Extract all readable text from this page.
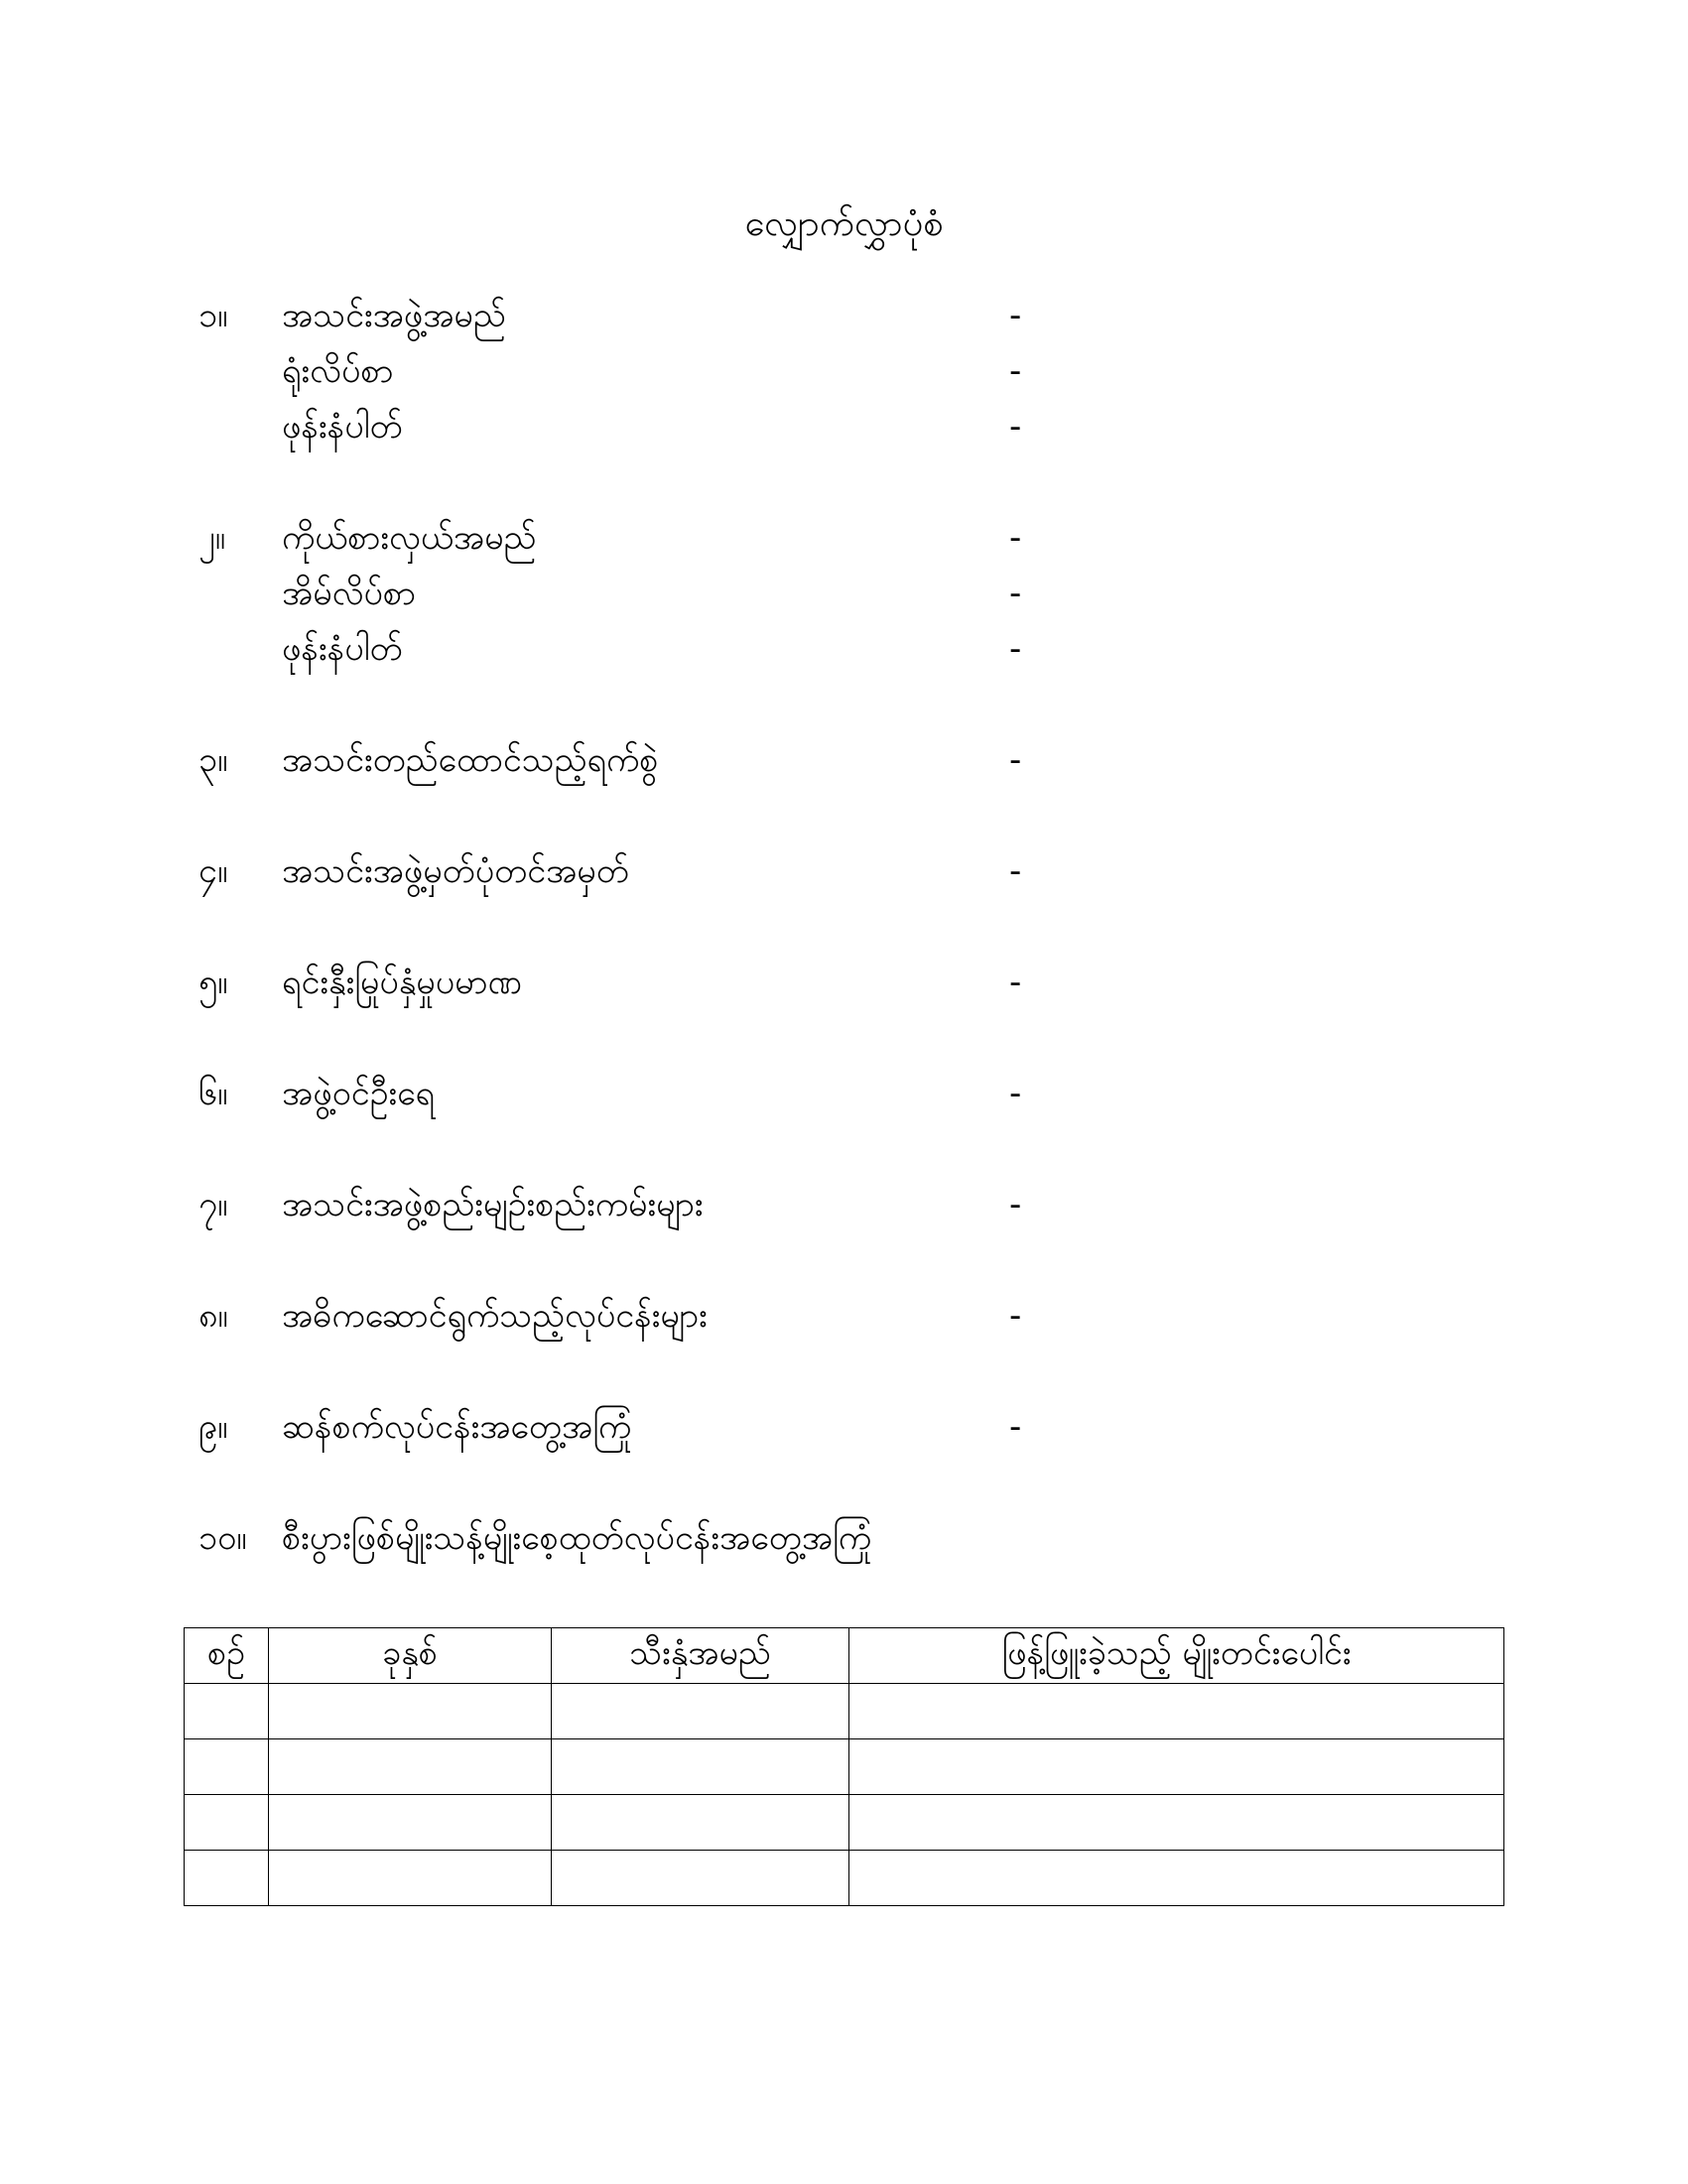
လျှောက်လွှာပုံစံ
၁။	အသင်းအဖွဲ့အမည်	-
ရုံးလိပ်စာ	-
ဖုန်းနံပါတ်	-
၂။	ကိုယ်စားလှယ်အမည်	-
အိမ်လိပ်စာ	-
ဖုန်းနံပါတ်	-
၃။	အသင်းတည်ထောင်သည့်ရက်စွဲ	-
၄။	အသင်းအဖွဲ့မှတ်ပုံတင်အမှတ်	-
၅။	ရင်းနှီးမြုပ်နှံမှုပမာဏ	-
၆။	အဖွဲ့ဝင်ဦးရေ	-
၇။	အသင်းအဖွဲ့စည်းမျဉ်းစည်းကမ်းများ	-
၈။	အဓိကဆောင်ရွက်သည့်လုပ်ငန်းများ	-
၉။	ဆန်စက်လုပ်ငန်းအတွေ့အကြုံ	-
၁၀။	စီးပွားဖြစ်မျိုးသန့်မျိုးစေ့ထုတ်လုပ်ငန်းအတွေ့အကြုံ
စဉ်	ခုနှစ်	သီးနှံအမည်	ဖြန့်ဖြူးခဲ့သည့် မျိုးတင်းပေါင်း
